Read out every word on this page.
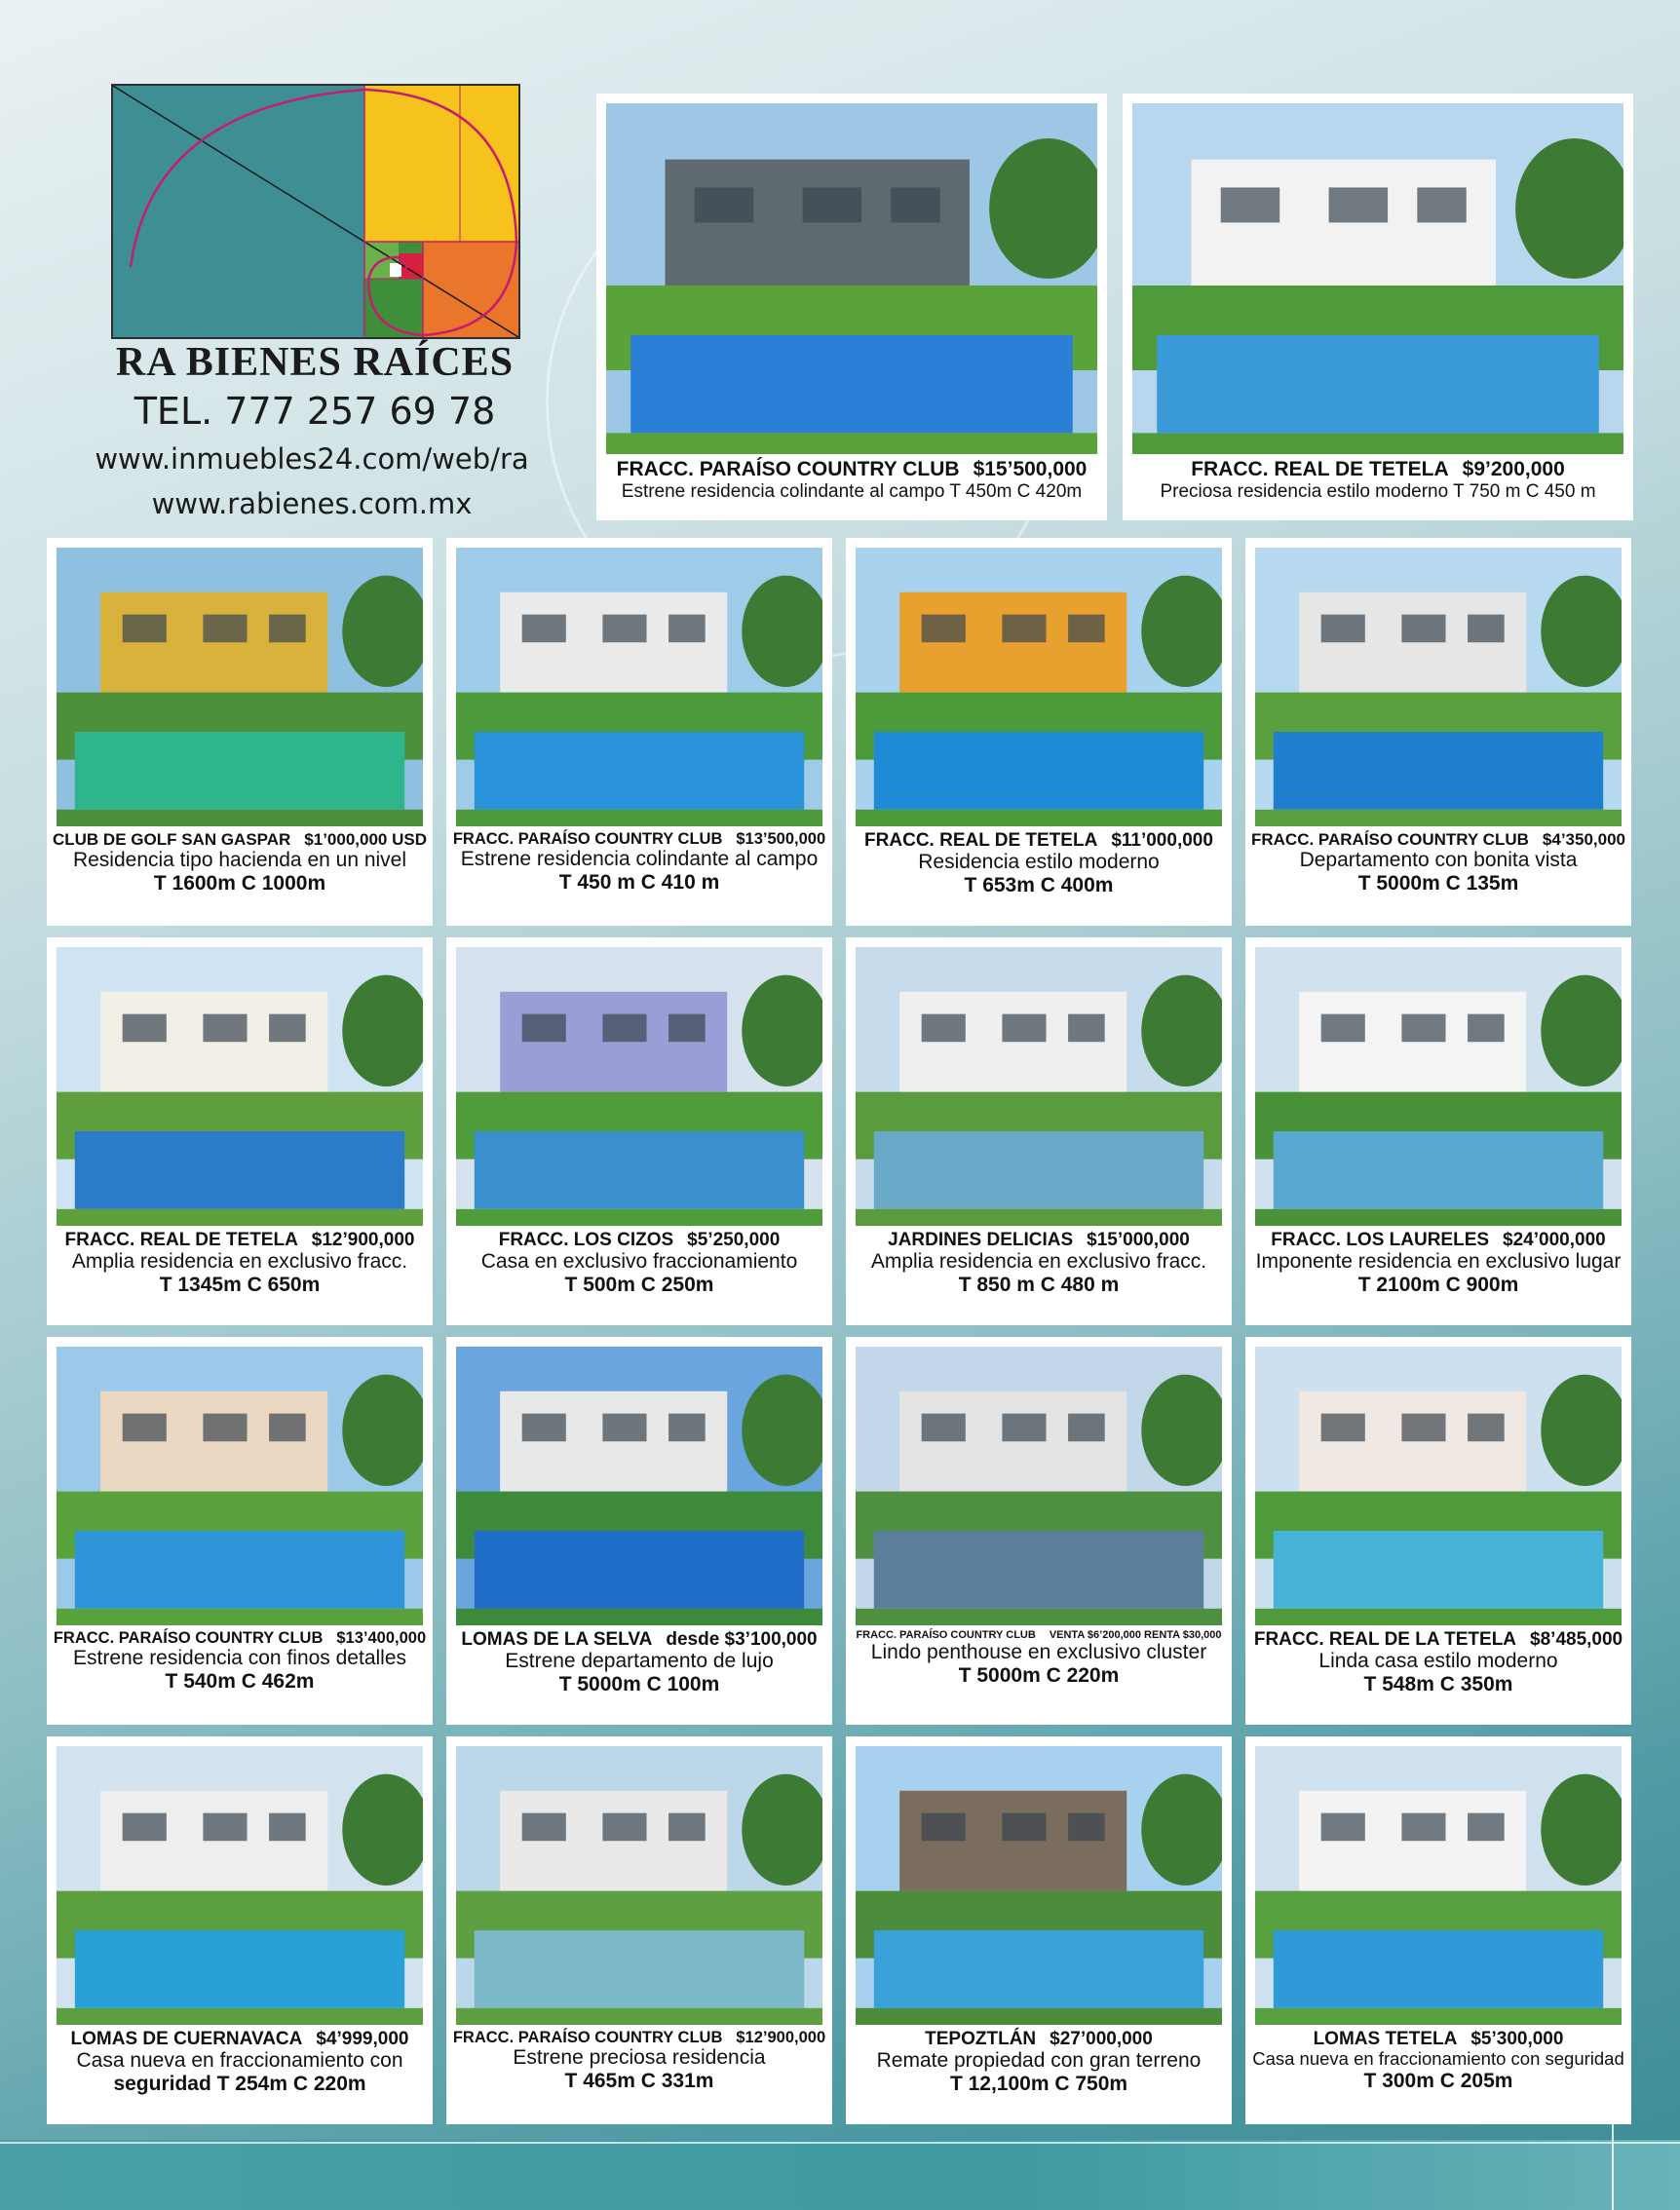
RA BIENES RAÍCES
TEL. 777 257 69 78
www.inmuebles24.com/web/ra
www.rabienes.com.mx
FRACC. PARAÍSO COUNTRY CLUB $15’500,000
Estrene residencia colindante al campo T 450m C 420m
FRACC. REAL DE TETELA $9’200,000
Preciosa residencia estilo moderno T 750 m C 450 m
CLUB DE GOLF SAN GASPAR $1’000,000 USD
Residencia tipo hacienda en un nivel
T 1600m C 1000m
FRACC. PARAÍSO COUNTRY CLUB $13’500,000
Estrene residencia colindante al campo
T 450 m C 410 m
FRACC. REAL DE TETELA $11’000,000
Residencia estilo moderno
T 653m C 400m
FRACC. PARAÍSO COUNTRY CLUB $4’350,000
Departamento con bonita vista
T 5000m C 135m
FRACC. REAL DE TETELA $12’900,000
Amplia residencia en exclusivo fracc.
T 1345m C 650m
FRACC. LOS CIZOS $5’250,000
Casa en exclusivo fraccionamiento
T 500m C 250m
JARDINES DELICIAS $15’000,000
Amplia residencia en exclusivo fracc.
T 850 m C 480 m
FRACC. LOS LAURELES $24’000,000
Imponente residencia en exclusivo lugar
T 2100m C 900m
FRACC. PARAÍSO COUNTRY CLUB $13’400,000
Estrene residencia con finos detalles
T 540m C 462m
LOMAS DE LA SELVA desde $3’100,000
Estrene departamento de lujo
T 5000m C 100m
FRACC. PARAÍSO COUNTRY CLUB VENTA $6’200,000 RENTA $30,000
Lindo penthouse en exclusivo cluster
T 5000m C 220m
FRACC. REAL DE LA TETELA $8’485,000
Linda casa estilo moderno
T 548m C 350m
LOMAS DE CUERNAVACA $4’999,000
Casa nueva en fraccionamiento con
seguridad T 254m C 220m
FRACC. PARAÍSO COUNTRY CLUB $12’900,000
Estrene preciosa residencia
T 465m C 331m
TEPOZTLÁN $27’000,000
Remate propiedad con gran terreno
T 12,100m C 750m
LOMAS TETELA $5’300,000
Casa nueva en fraccionamiento con seguridad
T 300m C 205m
